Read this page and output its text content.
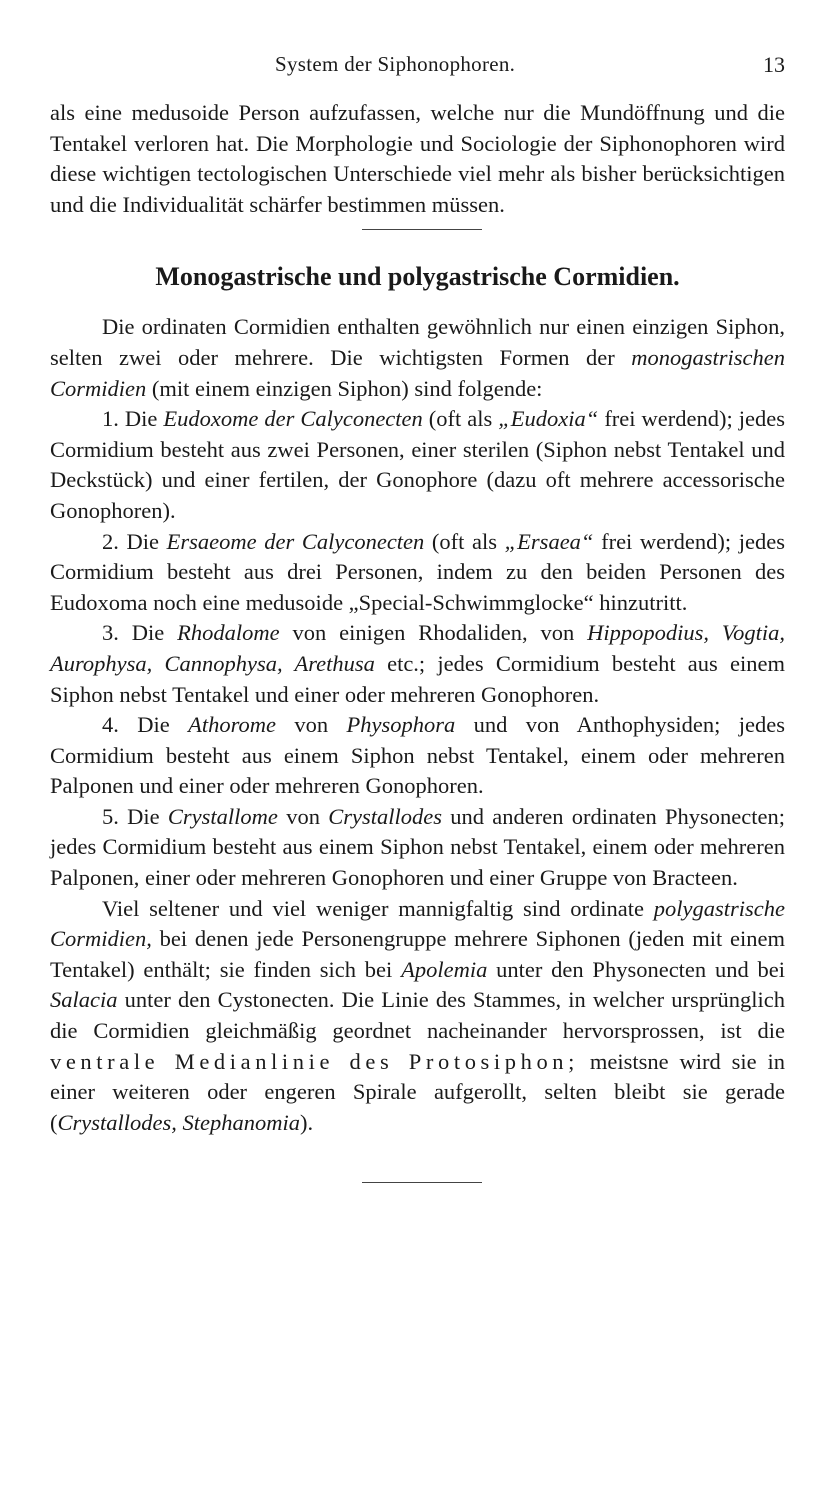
System der Siphonophoren.	13

als eine medusoide Person aufzufassen, welche nur die Mundöffnung und die Tentakel verloren hat. Die Morphologie und Sociologie der Siphonophoren wird diese wichtigen tectologischen Unterschiede viel mehr als bisher berücksichtigen und die Individualität schärfer bestimmen müssen.

Monogastrische und polygastrische Cormidien.

Die ordinaten Cormidien enthalten gewöhnlich nur einen einzigen Siphon, selten zwei oder mehrere. Die wichtigsten Formen der monogastrischen Cormidien (mit einem einzigen Siphon) sind folgende:

1. Die Eudoxome der Calyconecten (oft als „Eudoxia“ frei werdend); jedes Cormidium besteht aus zwei Personen, einer sterilen (Siphon nebst Tentakel und Deckstück) und einer fertilen, der Gonophore (dazu oft mehrere accessorische Gonophoren).

2. Die Ersaeome der Calyconecten (oft als „Ersaea“ frei werdend); jedes Cormidium besteht aus drei Personen, indem zu den beiden Personen des Eudoxoma noch eine medusoide „Special-Schwimmglocke“ hinzutritt.

3. Die Rhodalome von einigen Rhodaliden, von Hippopodius, Vogtia, Aurophysa, Cannophysa, Arethusa etc.; jedes Cormidium besteht aus einem Siphon nebst Tentakel und einer oder mehreren Gonophoren.

4. Die Athorome von Physophora und von Anthophysiden; jedes Cormidium besteht aus einem Siphon nebst Tentakel, einem oder mehreren Palponen und einer oder mehreren Gonophoren.

5. Die Crystallome von Crystallodes und anderen ordinaten Physonecten; jedes Cormidium besteht aus einem Siphon nebst Tentakel, einem oder mehreren Palponen, einer oder mehreren Gonophoren und einer Gruppe von Bracteen.

Viel seltener und viel weniger mannigfaltig sind ordinate polygastrische Cormidien, bei denen jede Personengruppe mehrere Siphonen (jeden mit einem Tentakel) enthält; sie finden sich bei Apolemia unter den Physonecten und bei Salacia unter den Cystonecten. Die Linie des Stammes, in welcher ursprünglich die Cormidien gleichmäßig geordnet nacheinander hervorsprossen, ist die ventrale Medianlinie des Protosiphon; meistsne wird sie in einer weiteren oder engeren Spirale aufgerollt, selten bleibt sie gerade (Crystallodes, Stephanomia).
